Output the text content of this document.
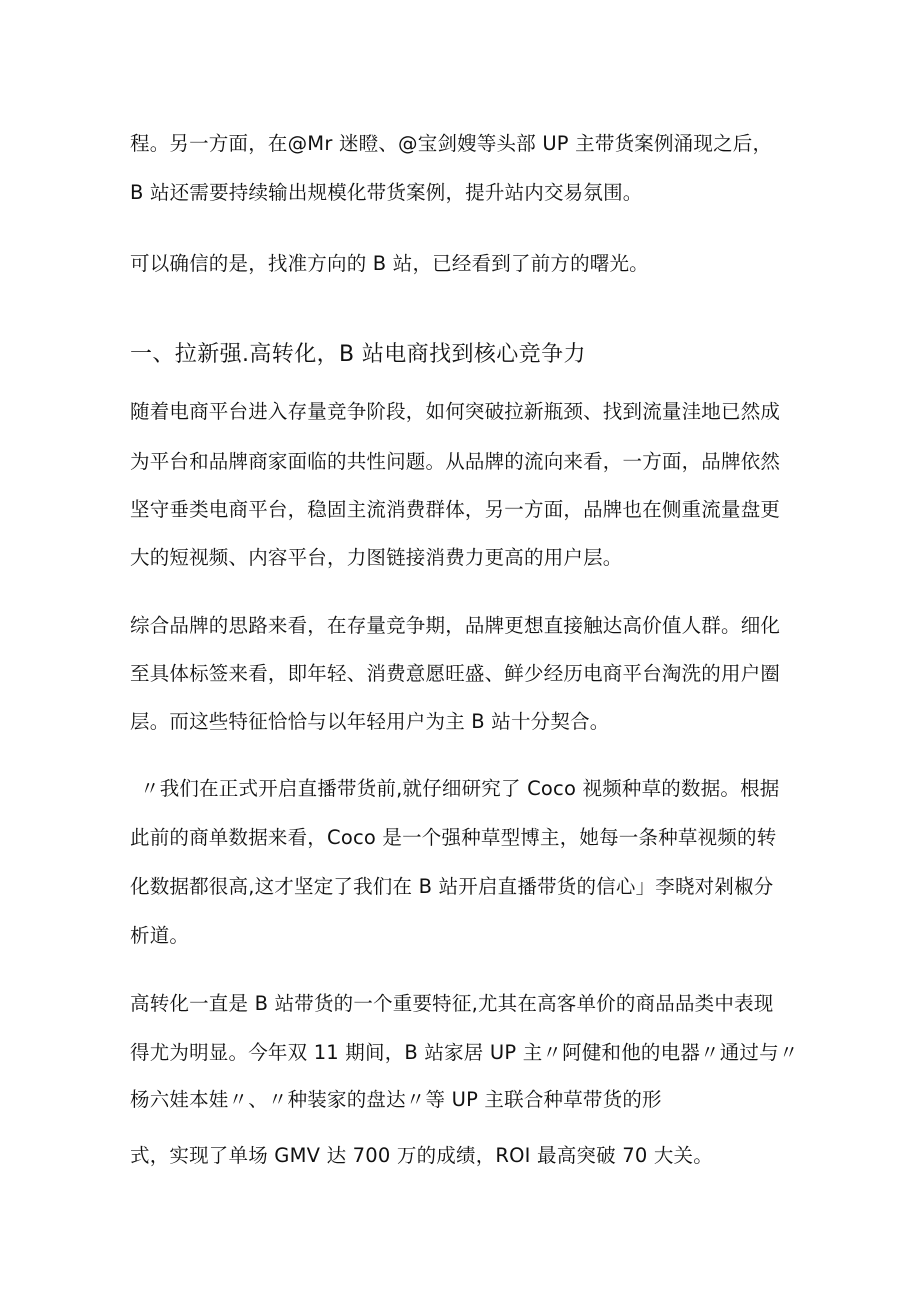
程。另一方面，在@Mr 迷瞪、@宝剑嫂等头部 UP 主带货案例涌现之后，
B 站还需要持续输出规模化带货案例，提升站内交易氛围。
可以确信的是，找准方向的 B 站，已经看到了前方的曙光。
一、拉新强.高转化，B 站电商找到核心竞争力
随着电商平台进入存量竞争阶段，如何突破拉新瓶颈、找到流量洼地已然成
为平台和品牌商家面临的共性问题。从品牌的流向来看，一方面，品牌依然
坚守垂类电商平台，稳固主流消费群体，另一方面，品牌也在侧重流量盘更
大的短视频、内容平台，力图链接消费力更高的用户层。
综合品牌的思路来看，在存量竞争期，品牌更想直接触达高价值人群。细化
至具体标签来看，即年轻、消费意愿旺盛、鲜少经历电商平台淘洗的用户圈
层。而这些特征恰恰与以年轻用户为主 B 站十分契合。
〃我们在正式开启直播带货前,就仔细研究了 Coco 视频种草的数据。根据
此前的商单数据来看，Coco 是一个强种草型博主，她每一条种草视频的转
化数据都很高,这才坚定了我们在 B 站开启直播带货的信心」李晓对剁椒分
析道。
高转化一直是 B 站带货的一个重要特征,尤其在高客单价的商品品类中表现
得尤为明显。今年双 11 期间，B 站家居 UP 主〃阿健和他的电器〃通过与〃
杨六娃本娃〃、〃种装家的盘达〃等 UP 主联合种草带货的形
式，实现了单场 GMV 达 700 万的成绩，ROI 最高突破 70 大关。
